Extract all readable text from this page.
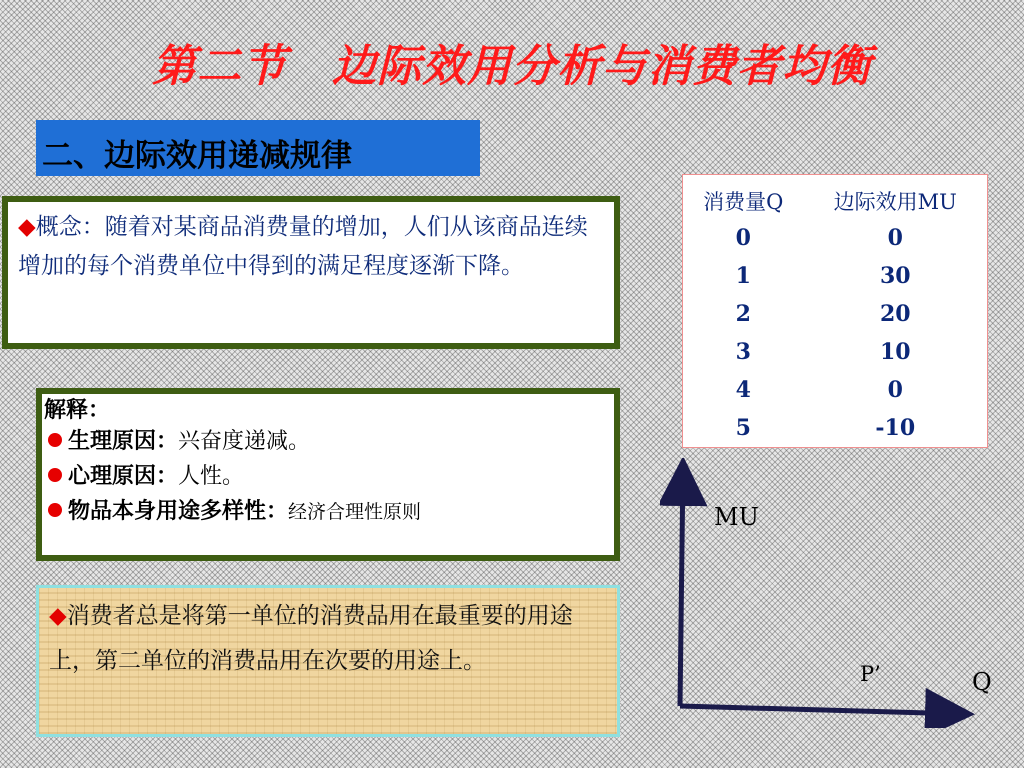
第二节　边际效用分析与消费者均衡
二、边际效用递减规律
◆概念：随着对某商品消费量的增加，人们从该商品连续增加的每个消费单位中得到的满足程度逐渐下降。
解释：
生理原因：兴奋度递减。
心理原因：人性。
物品本身用途多样性：经济合理性原则
◆消费者总是将第一单位的消费品用在最重要的用途上，第二单位的消费品用在次要的用途上。
消费量Q	边际效用MU
0	0
1	30
2	20
3	10
4	0
5	-10
MU
Q
P’
